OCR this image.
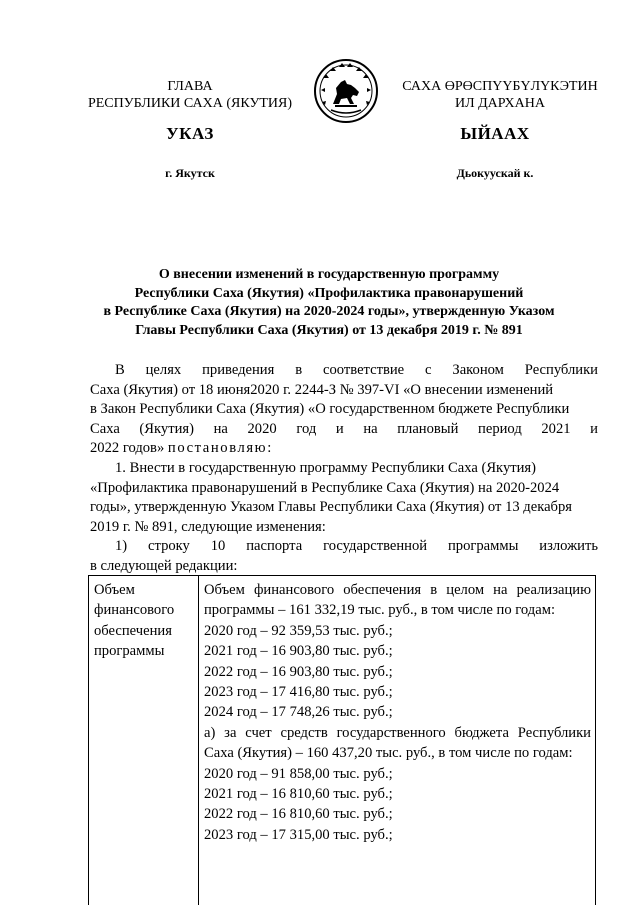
ГЛАВА
РЕСПУБЛИКИ САХА (ЯКУТИЯ)
САХА ӨРӨСПҮҮБҮЛҮКЭТИН
ИЛ ДАРХАНА
УКАЗ	ЫЙААХ
г. Якутск	Дьокуускай к.
О внесении изменений в государственную программу
Республики Саха (Якутия) «Профилактика правонарушений
в Республике Саха (Якутия) на 2020-2024 годы», утвержденную Указом
Главы Республики Саха (Якутия) от 13 декабря 2019 г. № 891
В целях приведения в соответствие с Законом Республики
Саха (Якутия) от 18 июня2020 г. 2244-З № 397-VI «О внесении изменений
в Закон Республики Саха (Якутия) «О государственном бюджете Республики
Саха (Якутия) на 2020 год и на плановый период 2021 и
2022 годов» постановляю:
1. Внести в государственную программу Республики Саха (Якутия)
«Профилактика правонарушений в Республике Саха (Якутия) на 2020-2024
годы», утвержденную Указом Главы Республики Саха (Якутия) от 13 декабря
2019 г. № 891, следующие изменения:
1) строку 10 паспорта государственной программы изложить
в следующей редакции:
Объем
финансового
обеспечения
программы
Объем финансового обеспечения в целом на реализацию
программы – 161 332,19 тыс. руб., в том числе по годам:
2020 год – 92 359,53 тыс. руб.;
2021 год – 16 903,80 тыс. руб.;
2022 год – 16 903,80 тыс. руб.;
2023 год – 17 416,80 тыс. руб.;
2024 год – 17 748,26 тыс. руб.;
а) за счет средств государственного бюджета Республики
Саха (Якутия) – 160 437,20 тыс. руб., в том числе по годам:
2020 год – 91 858,00 тыс. руб.;
2021 год – 16 810,60 тыс. руб.;
2022 год – 16 810,60 тыс. руб.;
2023 год – 17 315,00 тыс. руб.;
